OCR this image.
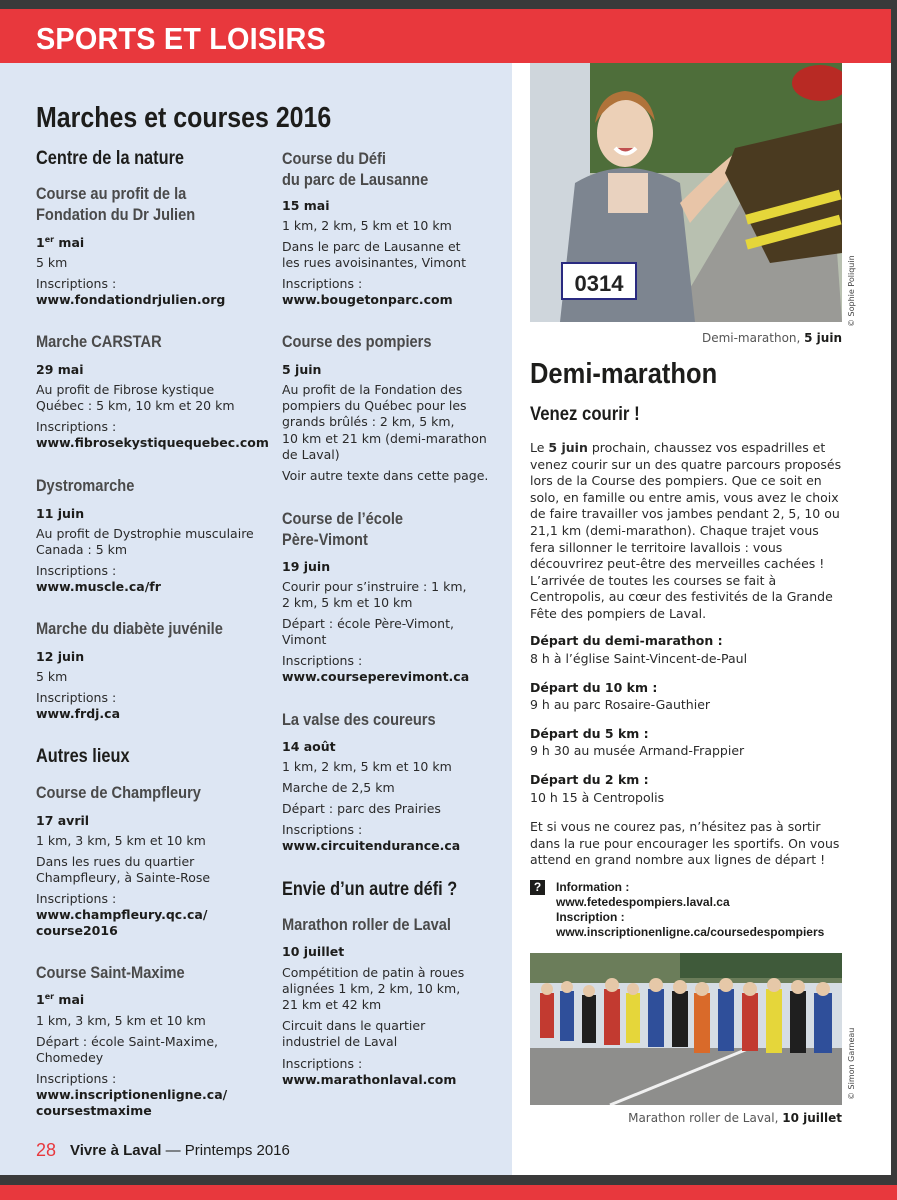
SPORTS ET LOISIRS
Marches et courses 2016
Centre de la nature
Course au profit de la
Fondation du Dr Julien
1er mai
5 km
Inscriptions :
www.fondationdrjulien.org
Marche CARSTAR
29 mai
Au profit de Fibrose kystique
Québec : 5 km, 10 km et 20 km
Inscriptions :
www.fibrosekystiquequebec.com
Dystromarche
11 juin
Au profit de Dystrophie musculaire
Canada : 5 km
Inscriptions :
www.muscle.ca/fr
Marche du diabète juvénile
12 juin
5 km
Inscriptions :
www.frdj.ca
Autres lieux
Course de Champfleury
17 avril
1 km, 3 km, 5 km et 10 km
Dans les rues du quartier
Champfleury, à Sainte-Rose
Inscriptions :
www.champfleury.qc.ca/
course2016
Course Saint-Maxime
1er mai
1 km, 3 km, 5 km et 10 km
Départ : école Saint-Maxime,
Chomedey
Inscriptions :
www.inscriptionenligne.ca/
coursestmaxime
Course du Défi
du parc de Lausanne
15 mai
1 km, 2 km, 5 km et 10 km
Dans le parc de Lausanne et
les rues avoisinantes, Vimont
Inscriptions :
www.bougetonparc.com
Course des pompiers
5 juin
Au profit de la Fondation des
pompiers du Québec pour les
grands brûlés : 2 km, 5 km,
10 km et 21 km (demi-marathon
de Laval)
Voir autre texte dans cette page.
Course de l’école
Père-Vimont
19 juin
Courir pour s’instruire : 1 km,
2 km, 5 km et 10 km
Départ : école Père-Vimont,
Vimont
Inscriptions :
www.courseperevimont.ca
La valse des coureurs
14 août
1 km, 2 km, 5 km et 10 km
Marche de 2,5 km
Départ : parc des Prairies
Inscriptions :
www.circuitendurance.ca
Envie d’un autre défi ?
Marathon roller de Laval
10 juillet
Compétition de patin à roues
alignées 1 km, 2 km, 10 km,
21 km et 42 km
Circuit dans le quartier
industriel de Laval
Inscriptions :
www.marathonlaval.com
0314	© Sophie Poliquin
Demi-marathon, 5 juin
Demi-marathon
Venez courir !
Le 5 juin prochain, chaussez vos espadrilles et venez courir sur un des quatre parcours proposés lors de la Course des pompiers. Que ce soit en solo, en famille ou entre amis, vous avez le choix de faire travailler vos jambes pendant 2, 5, 10 ou 21,1 km (demi-marathon). Chaque trajet vous fera sillonner le territoire lavallois : vous découvrirez peut-être des merveilles cachées ! L’arrivée de toutes les courses se fait à Centropolis, au cœur des festivités de la Grande Fête des pompiers de Laval.
Départ du demi-marathon :
8 h à l’église Saint-Vincent-de-Paul
Départ du 10 km :
9 h au parc Rosaire-Gauthier
Départ du 5 km :
9 h 30 au musée Armand-Frappier
Départ du 2 km :
10 h 15 à Centropolis
Et si vous ne courez pas, n’hésitez pas à sortir dans la rue pour encourager les sportifs. On vous attend en grand nombre aux lignes de départ !
?	Information :
www.fetedespompiers.laval.ca
Inscription :
www.inscriptionenligne.ca/coursedespompiers
© Simon Garneau
Marathon roller de Laval, 10 juillet
28 Vivre à Laval — Printemps 2016
